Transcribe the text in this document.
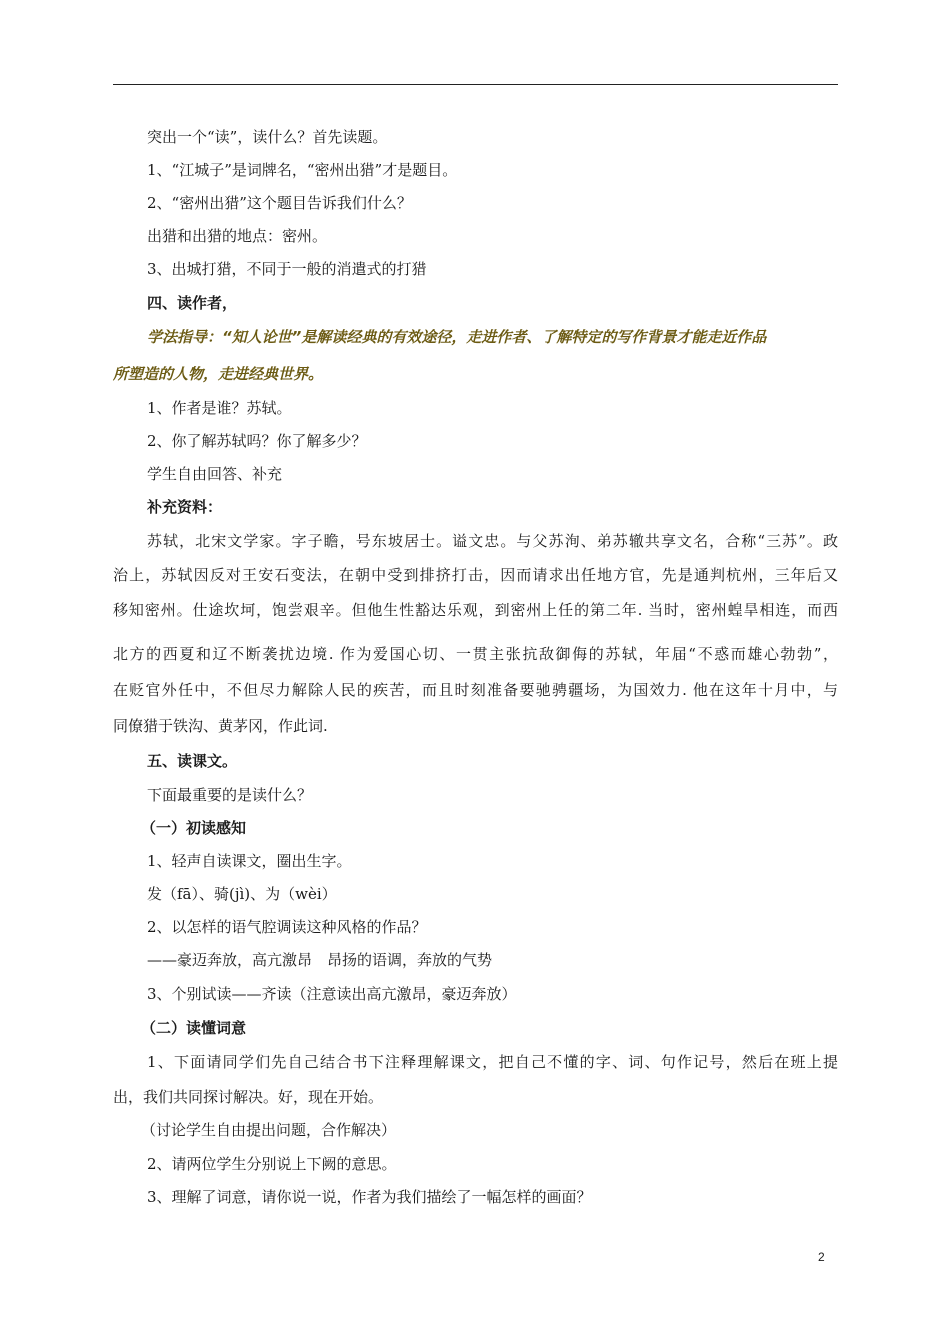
突出一个“读”，读什么？首先读题。
1、“江城子”是词牌名，“密州出猎”才是题目。
2、“密州出猎”这个题目告诉我们什么？
出猎和出猎的地点：密州。
3、出城打猎，不同于一般的消遣式的打猎
四、读作者，
学法指导：“知人论世”是解读经典的有效途径，走进作者、了解特定的写作背景才能走近作品
所塑造的人物，走进经典世界。
1、作者是谁？苏轼。
2、你了解苏轼吗？你了解多少？
学生自由回答、补充
补充资料：
苏轼，北宋文学家。字子瞻，号东坡居士。谥文忠。与父苏洵、弟苏辙共享文名，合称“三苏”。政
治上，苏轼因反对王安石变法，在朝中受到排挤打击，因而请求出任地方官，先是通判杭州，三年后又
移知密州。仕途坎坷，饱尝艰辛。但他生性豁达乐观，到密州上任的第二年. 当时，密州蝗旱相连，而西
北方的西夏和辽不断袭扰边境. 作为爱国心切、一贯主张抗敌御侮的苏轼，年届“不惑而雄心勃勃”，
在贬官外任中，不但尽力解除人民的疾苦，而且时刻准备要驰骋疆场，为国效力. 他在这年十月中，与
同僚猎于铁沟、黄茅冈，作此词.
五、读课文。
下面最重要的是读什么？
（一）初读感知
1、轻声自读课文，圈出生字。
发（fā）、骑(jì)、为（wèi）
2、以怎样的语气腔调读这种风格的作品？
——豪迈奔放，高亢激昂　昂扬的语调，奔放的气势
3、个别试读——齐读（注意读出高亢激昂，豪迈奔放）
（二）读懂词意
1、下面请同学们先自己结合书下注释理解课文，把自己不懂的字、词、句作记号，然后在班上提
出，我们共同探讨解决。好，现在开始。
（讨论学生自由提出问题，合作解决）
2、请两位学生分别说上下阙的意思。
3、理解了词意，请你说一说，作者为我们描绘了一幅怎样的画面？
2
